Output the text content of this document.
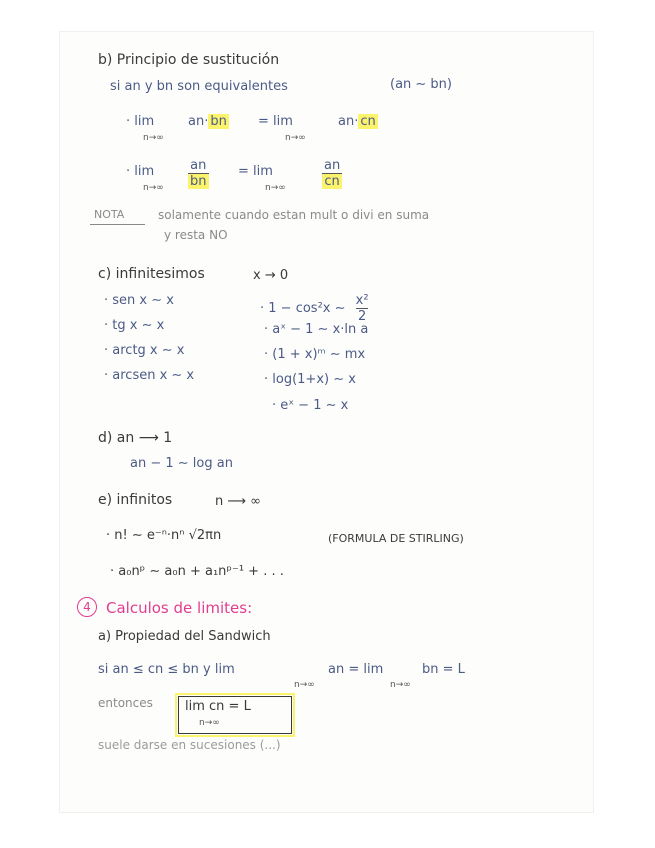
b) Principio de sustitución
si an y bn son equivalentes	(an ∼ bn)
· lim
n→∞
an· bn = lim
n→∞
an· cn
· lim
$n\to\infty \frac{an}{bn} = \lim$
n→∞	$\frac{an}{cn}$
NOTA	solamente cuando estan mult o divi en suma
y resta NO
c) infinitesimos	x → 0
· sen x ∼ x
· tg x ∼ x
· arctg x ∼ x
· arcsen x ∼ x
· 1 − cos²x ∼ $\frac{\text{x²}}{2}$
· aˣ − 1 ∼ x·ln a
· (1 + x)ᵐ ∼ mx
· log(1+x) ∼ x
· eˣ − 1 ∼ x
d) an ⟶ 1
an − 1 ∼ log an
e) infinitos	n ⟶ ∞
· n! ∼ e⁻ⁿ·nⁿ √2πn	(FORMULA DE STIRLING)
· a₀nᵖ ∼ a₀n + a₁nᵖ⁻¹ + . . .
4	Calculos de limites:
a) Propiedad del Sandwich
si an ≤ cn ≤ bn y lim
n→∞
an = lim
n→∞
bn = L
entonces lim cn = L
n→∞
suele darse en sucesiones (...)
